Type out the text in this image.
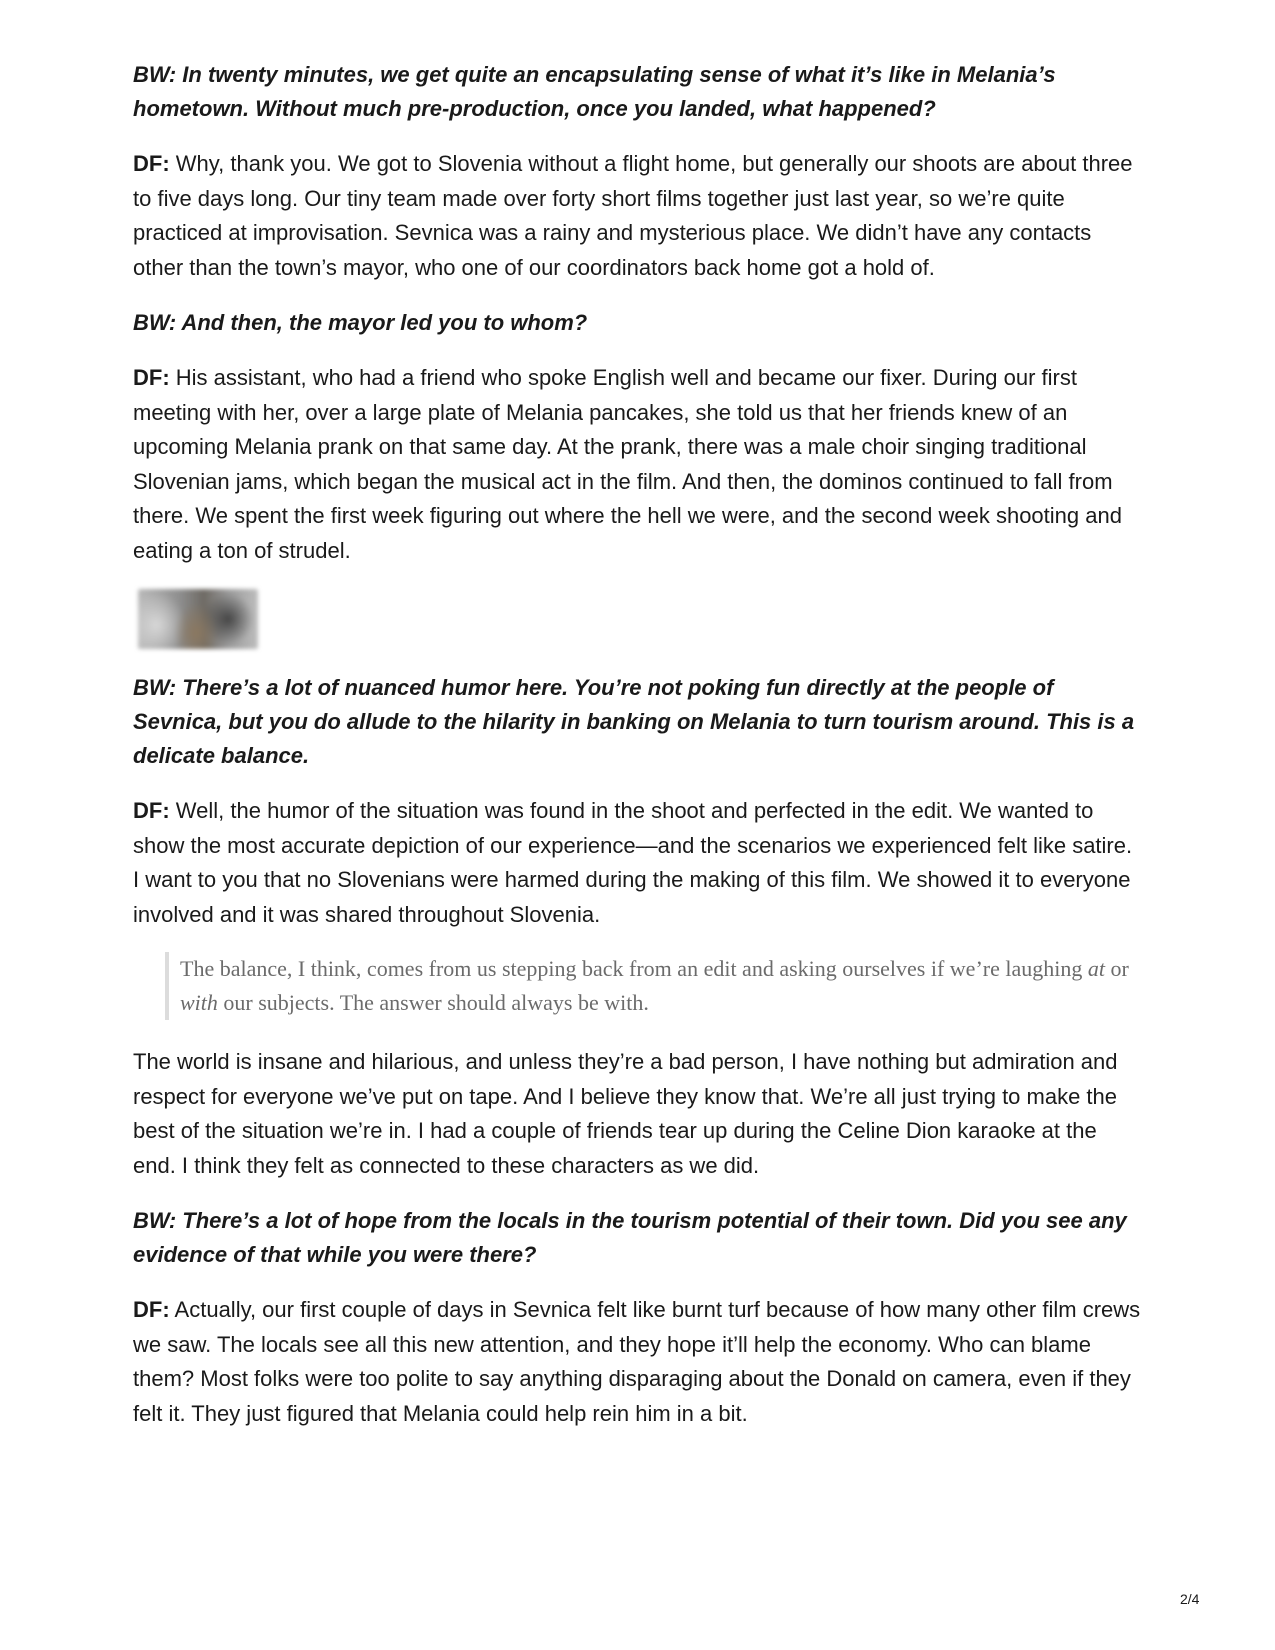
BW: In twenty minutes, we get quite an encapsulating sense of what it’s like in Melania’s hometown. Without much pre-production, once you landed, what happened?

DF: Why, thank you. We got to Slovenia without a flight home, but generally our shoots are about three to five days long. Our tiny team made over forty short films together just last year, so we’re quite practiced at improvisation. Sevnica was a rainy and mysterious place. We didn’t have any contacts other than the town’s mayor, who one of our coordinators back home got a hold of.

BW: And then, the mayor led you to whom?

DF: His assistant, who had a friend who spoke English well and became our fixer. During our first meeting with her, over a large plate of Melania pancakes, she told us that her friends knew of an upcoming Melania prank on that same day. At the prank, there was a male choir singing traditional Slovenian jams, which began the musical act in the film. And then, the dominos continued to fall from there. We spent the first week figuring out where the hell we were, and the second week shooting and eating a ton of strudel.

BW: There’s a lot of nuanced humor here. You’re not poking fun directly at the people of Sevnica, but you do allude to the hilarity in banking on Melania to turn tourism around. This is a delicate balance.

DF: Well, the humor of the situation was found in the shoot and perfected in the edit. We wanted to show the most accurate depiction of our experience—and the scenarios we experienced felt like satire. I want to you that no Slovenians were harmed during the making of this film. We showed it to everyone involved and it was shared throughout Slovenia.

The balance, I think, comes from us stepping back from an edit and asking ourselves if we’re laughing at or with our subjects. The answer should always be with.

The world is insane and hilarious, and unless they’re a bad person, I have nothing but admiration and respect for everyone we’ve put on tape. And I believe they know that. We’re all just trying to make the best of the situation we’re in. I had a couple of friends tear up during the Celine Dion karaoke at the end. I think they felt as connected to these characters as we did.

BW: There’s a lot of hope from the locals in the tourism potential of their town. Did you see any evidence of that while you were there?

DF: Actually, our first couple of days in Sevnica felt like burnt turf because of how many other film crews we saw. The locals see all this new attention, and they hope it’ll help the economy. Who can blame them? Most folks were too polite to say anything disparaging about the Donald on camera, even if they felt it. They just figured that Melania could help rein him in a bit.

2/4
